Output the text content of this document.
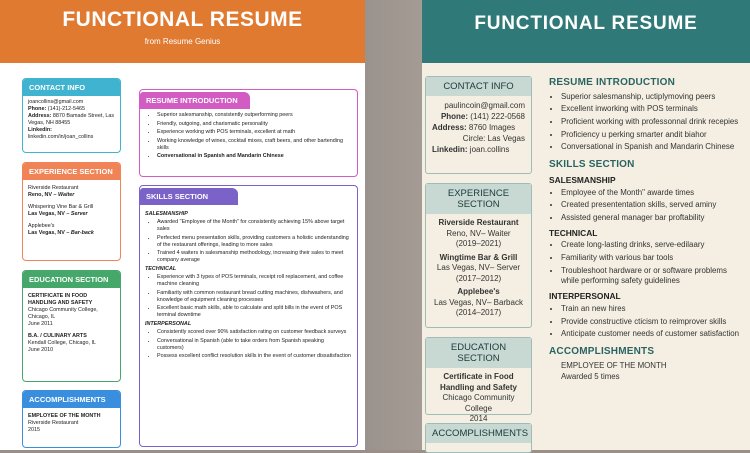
FUNCTIONAL RESUME
from Resume Genius
CONTACT INFO
joancollins@gmail.com
Phone: (141)-212-5465
Address: 8870 Bamade Street, Las Vegas, NH 88455
Linkedin: linkedin.com/in/joan_collins
EXPERIENCE SECTION
Riverside Restaurant
Reno, NV – Waiter
Whispering Vine Bar & Grill
Las Vegas, NV – Server
Applebee's
Las Vegas, NV – Bar-back
EDUCATION SECTION
CERTIFICATE IN FOOD HANDLING AND SAFETY
Chicago Community College, Chicago, IL
June 2011
B.A. / CULINARY ARTS
Kendall College, Chicago, IL
June 2010
ACCOMPLISHMENTS
EMPLOYEE OF THE MONTH
Riverside Restaurant
2015
RESUME INTRODUCTION
• Superior salesmanship, consistently outperforming peers
• Friendly, outgoing, and charismatic personality
• Experience working with POS terminals, excellent at math
• Working knowledge of wines, cocktail mixes, craft beers, and other bartending skills
• Conversational in Spanish and Mandarin Chinese
SKILLS SECTION
SALESMANSHIP
• Awarded "Employee of the Month" for consistently achieving 15% above target sales
• Perfected menu presentation skills, providing customers a holistic understanding of the restaurant offerings, leading to more sales
• Trained 4 waiters in salesmanship methodology, increasing their sales to meet company average
TECHNICAL
• Experience with 3 types of POS terminals, receipt roll replacement, and coffee machine cleaning
• Familiarity with common restaurant bread cutting machines, dishwashers, and knowledge of equipment cleaning processes
• Excellent basic math skills, able to calculate and split bills in the event of POS terminal downtime
INTERPERSONAL
• Consistently scored over 90% satisfaction rating on customer feedback surveys
• Conversational in Spanish (able to take orders from Spanish speaking customers)
• Possess excellent conflict resolution skills in the event of customer dissatisfaction
FUNCTIONAL RESUME
CONTACT INFO
paulincoin@gmail.com
Phone: (141) 222-0568
Address: 8760 Images
Circle: Las Vegas
Linkedin: joan.collins
EXPERIENCE SECTION
Riverside Restaurant
Reno, NV– Waiter
(2019–2021)
Wingtime Bar & Grill
Las Vegas, NV– Server
(2017–2012)
Applebee's
Las Vegas, NV– Barback
(2014–2017)
EDUCATION SECTION
Certificate in Food Handling and Safety
Chicago Community College
2014
ACCOMPLISHMENTS
RESUME INTRODUCTION
• Superior salesmanship, uctiplymoving peers
• Excellent inworking with POS terminals
• Proficient working with professonnal drink recepies
• Proficiency u perking smarter andit biahor
• Conversational in Spanish and Mandarin Chinese
SKILLS SECTION
SALESMANSHIP
• Employee of the Month" awarde times
• Created presententation skills, served aminy
• Assisted general manager bar proftability
TECHNICAL
• Create long-lasting drinks, serve-edilaary
• Familiarity with various bar tools
• Troubleshoot hardware or or software problems while performing safety guidelines
INTERPERSONAL
• Train an new hires
• Provide constructive cticism to reimprover skills
• Anticipate customer needs of customer satisfaction
ACCOMPLISHMENTS
EMPLOYEE OF THE MONTH
Awarded 5 times
